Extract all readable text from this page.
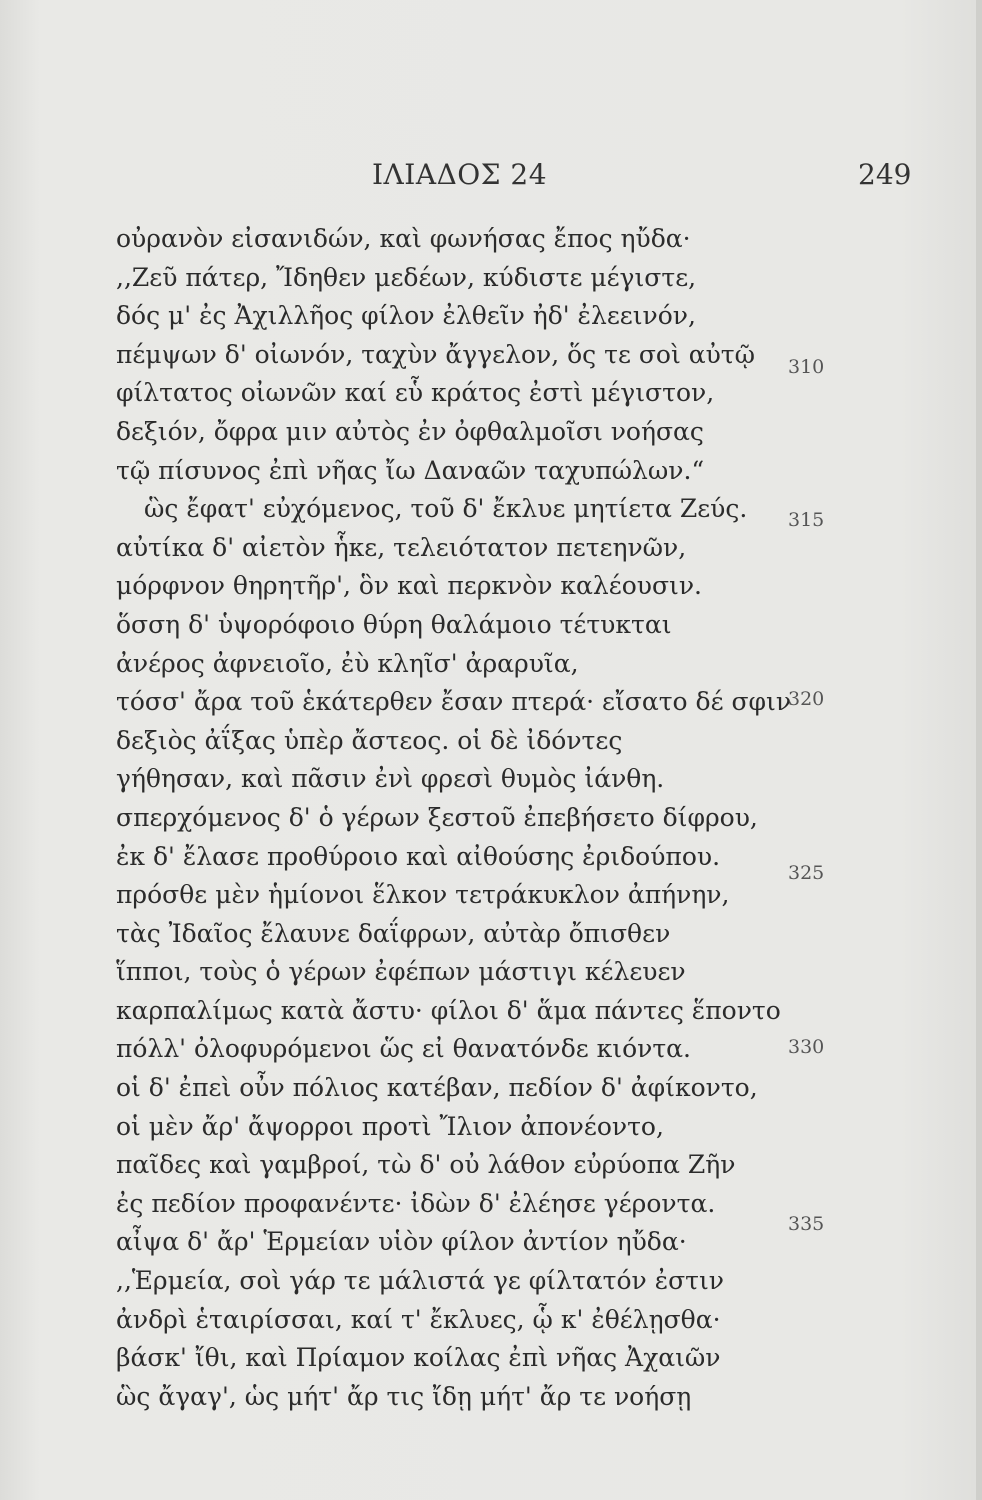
ΙΛΙΑΔΟΣ 24	249
οὐρανὸν εἰσανιδών, καὶ φωνήσας ἔπος ηὔδα·
,,Ζεῦ πάτερ, Ἴδηθεν μεδέων, κύδιστε μέγιστε,
δός μ' ἐς Ἀχιλλῆος φίλον ἐλθεῖν ἠδ' ἐλεεινόν,
πέμψων δ' οἰωνόν, ταχὺν ἄγγελον, ὅς τε σοὶ αὐτῷ
φίλτατος οἰωνῶν καί εὗ κράτος ἐστὶ μέγιστον,
δεξιόν, ὄφρα μιν αὐτὸς ἐν ὀφθαλμοῖσι νοήσας
τῷ πίσυνος ἐπὶ νῆας ἴω Δαναῶν ταχυπώλων.“
ὣς ἔφατ' εὐχόμενος, τοῦ δ' ἔκλυε μητίετα Ζεύς.
αὐτίκα δ' αἰετὸν ἧκε, τελειότατον πετεηνῶν,
μόρφνον θηρητῆρ', ὃν καὶ περκνὸν καλέουσιν.
ὅσση δ' ὑψορόφοιο θύρη θαλάμοιο τέτυκται
ἀνέρος ἀφνειοῖο, ἐὺ κληῖσ' ἀραρυῖα,
τόσσ' ἄρα τοῦ ἑκάτερθεν ἔσαν πτερά· εἴσατο δέ σφιν
δεξιὸς ἀΐξας ὑπὲρ ἄστεος. οἱ δὲ ἰδόντες
γήθησαν, καὶ πᾶσιν ἐνὶ φρεσὶ θυμὸς ἰάνθη.
σπερχόμενος δ' ὁ γέρων ξεστοῦ ἐπεβήσετο δίφρου,
ἐκ δ' ἔλασε προθύροιο καὶ αἰθούσης ἐριδούπου.
πρόσθε μὲν ἡμίονοι ἕλκον τετράκυκλον ἀπήνην,
τὰς Ἰδαῖος ἔλαυνε δαΐφρων, αὐτὰρ ὄπισθεν
ἵπποι, τοὺς ὁ γέρων ἐφέπων μάστιγι κέλευεν
καρπαλίμως κατὰ ἄστυ· φίλοι δ' ἅμα πάντες ἕποντο
πόλλ' ὀλοφυρόμενοι ὥς εἰ θανατόνδε κιόντα.
οἱ δ' ἐπεὶ οὖν πόλιος κατέβαν, πεδίον δ' ἀφίκοντο,
οἱ μὲν ἄρ' ἄψορροι προτὶ Ἴλιον ἀπονέοντο,
παῖδες καὶ γαμβροί, τὼ δ' οὐ λάθον εὐρύοπα Ζῆν
ἐς πεδίον προφανέντε· ἰδὼν δ' ἐλέησε γέροντα.
αἶψα δ' ἄρ' Ἑρμείαν υἱὸν φίλον ἀντίον ηὔδα·
,,Ἑρμεία, σοὶ γάρ τε μάλιστά γε φίλτατόν ἐστιν
ἀνδρὶ ἑταιρίσσαι, καί τ' ἔκλυες, ᾧ κ' ἐθέλῃσθα·
βάσκ' ἴθι, καὶ Πρίαμον κοίλας ἐπὶ νῆας Ἀχαιῶν
ὣς ἄγαγ', ὡς μήτ' ἄρ τις ἴδῃ μήτ' ἄρ τε νοήσῃ
310
315
320
325
330
335
